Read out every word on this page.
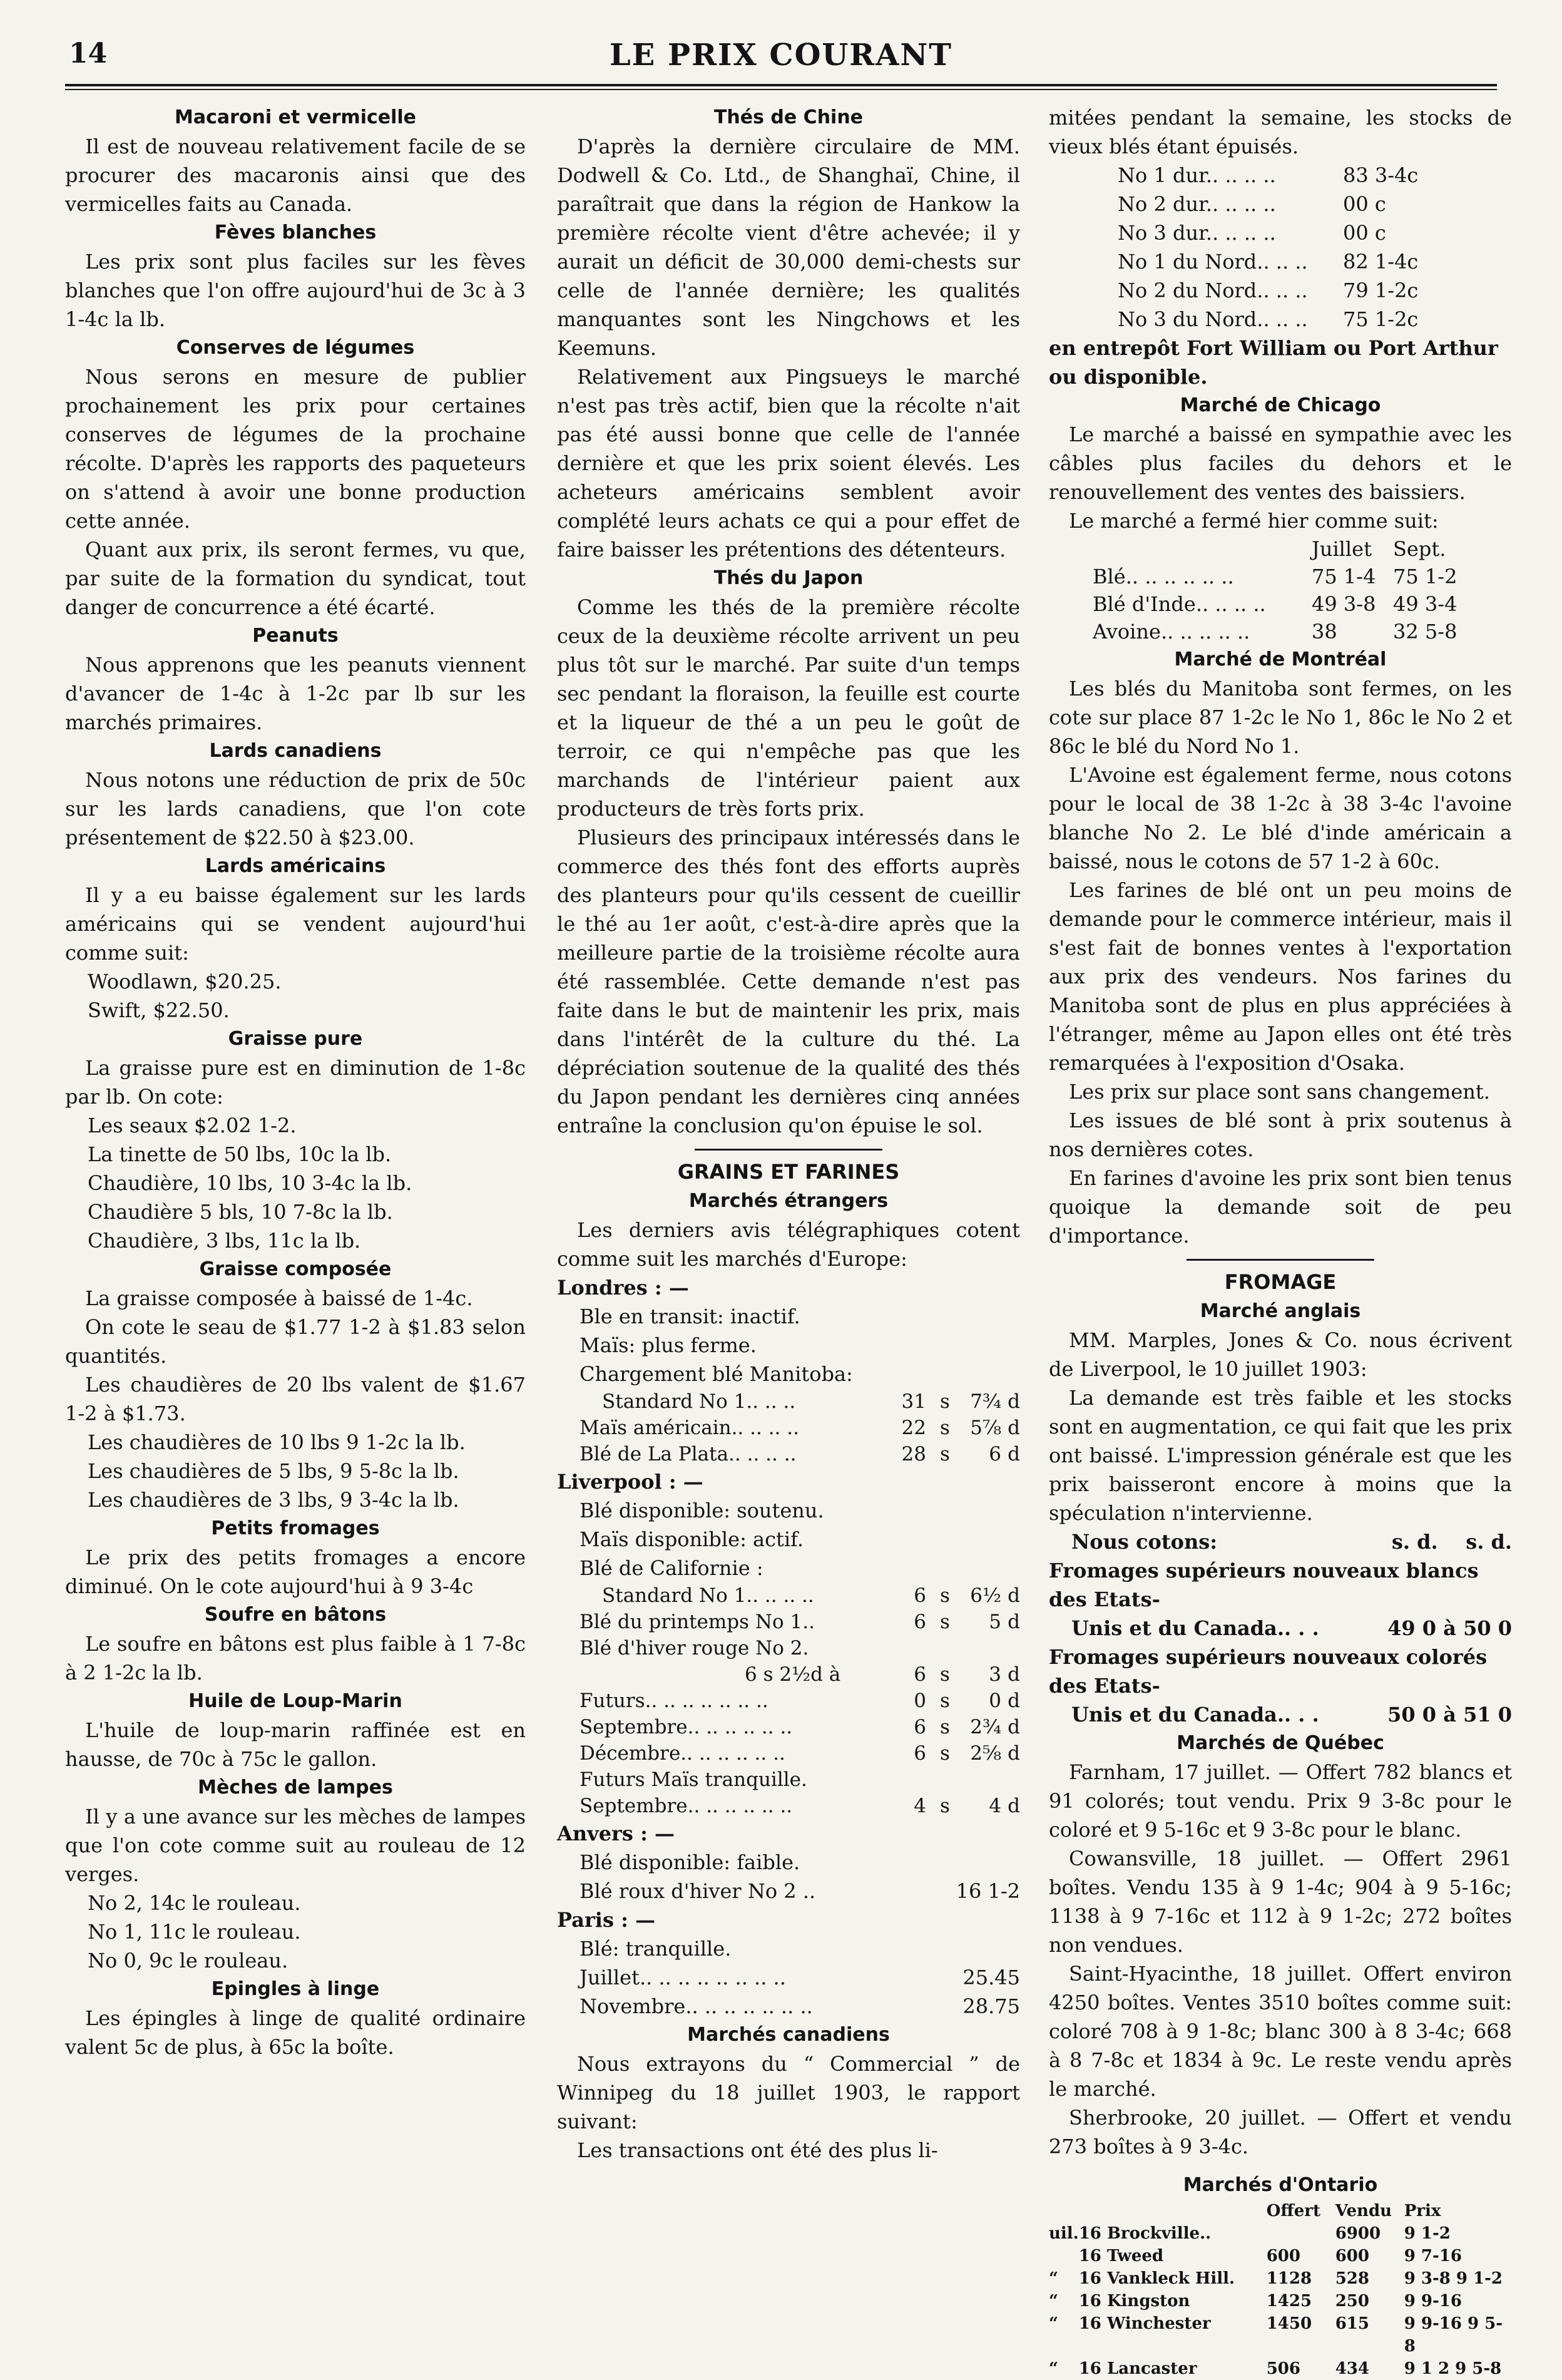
14	LE PRIX COURANT
Macaroni et vermicelle

Il est de nouveau relativement facile de se procurer des macaronis ainsi que des vermicelles faits au Canada.

Fèves blanches

Les prix sont plus faciles sur les fèves blanches que l'on offre aujourd'hui de 3c à 3 1-4c la lb.

Conserves de légumes

Nous serons en mesure de publier prochainement les prix pour certaines conserves de légumes de la prochaine récolte. D'après les rapports des paqueteurs on s'attend à avoir une bonne production cette année.

Quant aux prix, ils seront fermes, vu que, par suite de la formation du syndicat, tout danger de concurrence a été écarté.

Peanuts

Nous apprenons que les peanuts viennent d'avancer de 1-4c à 1-2c par lb sur les marchés primaires.

Lards canadiens

Nous notons une réduction de prix de 50c sur les lards canadiens, que l'on cote présentement de $22.50 à $23.00.

Lards américains

Il y a eu baisse également sur les lards américains qui se vendent aujourd'hui comme suit:

Woodlawn, $20.25.
Swift, $22.50.
Graisse pure

La graisse pure est en diminution de 1-8c par lb. On cote:

Les seaux $2.02 1-2.
La tinette de 50 lbs, 10c la lb.
Chaudière, 10 lbs, 10 3-4c la lb.
Chaudière 5 bls, 10 7-8c la lb.
Chaudière, 3 lbs, 11c la lb.
Graisse composée

La graisse composée à baissé de 1-4c.

On cote le seau de $1.77 1-2 à $1.83 selon quantités.

Les chaudières de 20 lbs valent de $1.67 1-2 à $1.73.

Les chaudières de 10 lbs 9 1-2c la lb.
Les chaudières de 5 lbs, 9 5-8c la lb.
Les chaudières de 3 lbs, 9 3-4c la lb.
Petits fromages

Le prix des petits fromages a encore diminué. On le cote aujourd'hui à 9 3-4c

Soufre en bâtons

Le soufre en bâtons est plus faible à 1 7-8c à 2 1-2c la lb.

Huile de Loup-Marin

L'huile de loup-marin raffinée est en hausse, de 70c à 75c le gallon.

Mèches de lampes

Il y a une avance sur les mèches de lampes que l'on cote comme suit au rouleau de 12 verges.

No 2, 14c le rouleau.
No 1, 11c le rouleau.
No 0, 9c le rouleau.
Epingles à linge

Les épingles à linge de qualité ordinaire valent 5c de plus, à 65c la boîte.

Thés de Chine

D'après la dernière circulaire de MM. Dodwell & Co. Ltd., de Shanghaï, Chine, il paraîtrait que dans la région de Hankow la première récolte vient d'être achevée; il y aurait un déficit de 30,000 demi-chests sur celle de l'année dernière; les qualités manquantes sont les Ningchows et les Keemuns.

Relativement aux Pingsueys le marché n'est pas très actif, bien que la récolte n'ait pas été aussi bonne que celle de l'année dernière et que les prix soient élevés. Les acheteurs américains semblent avoir complété leurs achats ce qui a pour effet de faire baisser les prétentions des détenteurs.

Thés du Japon

Comme les thés de la première récolte ceux de la deuxième récolte arrivent un peu plus tôt sur le marché. Par suite d'un temps sec pendant la floraison, la feuille est courte et la liqueur de thé a un peu le goût de terroir, ce qui n'empêche pas que les marchands de l'intérieur paient aux producteurs de très forts prix.

Plusieurs des principaux intéressés dans le commerce des thés font des efforts auprès des planteurs pour qu'ils cessent de cueillir le thé au 1er août, c'est-à-dire après que la meilleure partie de la troisième récolte aura été rassemblée. Cette demande n'est pas faite dans le but de maintenir les prix, mais dans l'intérêt de la culture du thé. La dépréciation soutenue de la qualité des thés du Japon pendant les dernières cinq années entraîne la conclusion qu'on épuise le sol.

GRAINS ET FARINES
Marchés étrangers

Les derniers avis télégraphiques cotent comme suit les marchés d'Europe:

Londres : —
Ble en transit: inactif.
Maïs: plus ferme.
Chargement blé Manitoba:
Standard No 1.. .. ..	31	s	7¾	d
Maïs américain.. .. .. ..	22	s	5⅞	d
Blé de La Plata.. .. .. ..	28	s	6	d
Liverpool : —
Blé disponible: soutenu.
Maïs disponible: actif.
Blé de Californie :
Standard No 1.. .. .. ..	6	s	6½	d
Blé du printemps No 1..	6	s	5	d
Blé d'hiver rouge No 2.				
6 s 2½d à	6	s	3	d
Futurs.. .. .. .. .. .. ..	0	s	0	d
Septembre.. .. .. .. .. ..	6	s	2¾	d
Décembre.. .. .. .. .. ..	6	s	2⅝	d
Futurs Maïs tranquille.				
Septembre.. .. .. .. .. ..	4	s	4	d
Anvers : —
Blé disponible: faible.
Blé roux d'hiver No 2 ..	16 1-2
Paris : —
Blé: tranquille.
Juillet.. .. .. .. .. .. .. ..	25.45
Novembre.. .. .. .. .. .. ..	28.75
Marchés canadiens

Nous extrayons du “ Commercial ” de Winnipeg du 18 juillet 1903, le rapport suivant:

Les transactions ont été des plus li-

mitées pendant la semaine, les stocks de vieux blés étant épuisés.

No 1 dur.. .. .. ..	83 3-4c
No 2 dur.. .. .. ..	00 c
No 3 dur.. .. .. ..	00 c
No 1 du Nord.. .. ..	82 1-4c
No 2 du Nord.. .. ..	79 1-2c
No 3 du Nord.. .. ..	75 1-2c
en entrepôt Fort William ou Port Arthur ou disponible.
Marché de Chicago

Le marché a baissé en sympathie avec les câbles plus faciles du dehors et le renouvellement des ventes des baissiers.

Le marché a fermé hier comme suit:

	Juillet	Sept.
Blé.. .. .. .. .. ..	75 1-4	75 1-2
Blé d'Inde.. .. .. ..	49 3-8	49 3-4
Avoine.. .. .. .. ..	38	32 5-8
Marché de Montréal

Les blés du Manitoba sont fermes, on les cote sur place 87 1-2c le No 1, 86c le No 2 et 86c le blé du Nord No 1.

L'Avoine est également ferme, nous cotons pour le local de 38 1-2c à 38 3-4c l'avoine blanche No 2. Le blé d'inde américain a baissé, nous le cotons de 57 1-2 à 60c.

Les farines de blé ont un peu moins de demande pour le commerce intérieur, mais il s'est fait de bonnes ventes à l'exportation aux prix des vendeurs. Nos farines du Manitoba sont de plus en plus appréciées à l'étranger, même au Japon elles ont été très remarquées à l'exposition d'Osaka.

Les prix sur place sont sans changement.

Les issues de blé sont à prix soutenus à nos dernières cotes.

En farines d'avoine les prix sont bien tenus quoique la demande soit de peu d'importance.

FROMAGE
Marché anglais

MM. Marples, Jones & Co. nous écrivent de Liverpool, le 10 juillet 1903:

La demande est très faible et les stocks sont en augmentation, ce qui fait que les prix ont baissé. L'impression générale est que les prix baisseront encore à moins que la spéculation n'intervienne.

Nous cotons:	s. d. s. d.
Fromages supérieurs nouveaux blancs des Etats-
Unis et du Canada.. . .	49 0 à 50 0
Fromages supérieurs nouveaux colorés des Etats-
Unis et du Canada.. . .	50 0 à 51 0
Marchés de Québec

Farnham, 17 juillet. — Offert 782 blancs et 91 colorés; tout vendu. Prix 9 3-8c pour le coloré et 9 5-16c et 9 3-8c pour le blanc.

Cowansville, 18 juillet. — Offert 2961 boîtes. Vendu 135 à 9 1-4c; 904 à 9 5-16c; 1138 à 9 7-16c et 112 à 9 1-2c; 272 boîtes non vendues.

Saint-Hyacinthe, 18 juillet. Offert environ 4250 boîtes. Ventes 3510 boîtes comme suit: coloré 708 à 9 1-8c; blanc 300 à 8 3-4c; 668 à 8 7-8c et 1834 à 9c. Le reste vendu après le marché.

Sherbrooke, 20 juillet. — Offert et vendu 273 boîtes à 9 3-4c.

Marchés d'Ontario
		Offert	Vendu	Prix
uil.	16 Brockville..		6900	9 1-2
	16 Tweed	600	600	9 7-16
“	16 Vankleck Hill.	1128	528	9 3-8 9 1-2
“	16 Kingston	1425	250	9 9-16
“	16 Winchester	1450	615	9 9-16 9 5-8
“	16 Lancaster	506	434	9 1 2 9 5-8
